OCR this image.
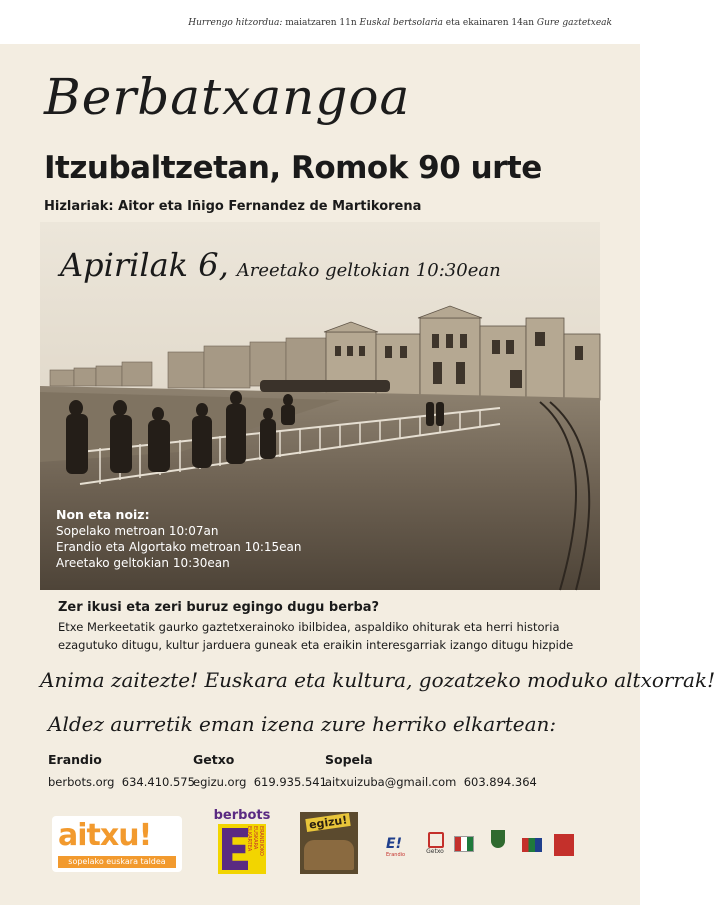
Hurrengo hitzordua: maiatzaren 11n Euskal bertsolaria eta ekainaren 14an Gure gaztetxeak
Berbatxangoa
Itzubaltzetan, Romok 90 urte
Hizlariak: Aitor eta Iñigo Fernandez de Martikorena
Apirilak 6, Areetako geltokian 10:30ean
Non eta noiz:
Sopelako metroan 10:07an
Erandio eta Algortako metroan 10:15ean
Areetako geltokian 10:30ean
Zer ikusi eta zeri buruz egingo dugu berba?
Etxe Merkeetatik gaurko gaztetxerainoko ibilbidea, aspaldiko ohiturak eta herri historia
ezagutuko ditugu, kultur jarduera guneak eta eraikin interesgarriak izango ditugu hizpide
Anima zaitezte! Euskara eta kultura, gozatzeko moduko altxorrak!
Aldez aurretik eman izena zure herriko elkartean:
Erandio
berbots.org 634.410.575
Getxo
egizu.org 619.935.541
Sopela
aitxuizuba@gmail.com 603.894.364
aitxu!
sopelako euskara taldea
berbots
ERANDIOKO EUSKARA ELKARTEA
egizu!
E!
Erandio	Getxo
